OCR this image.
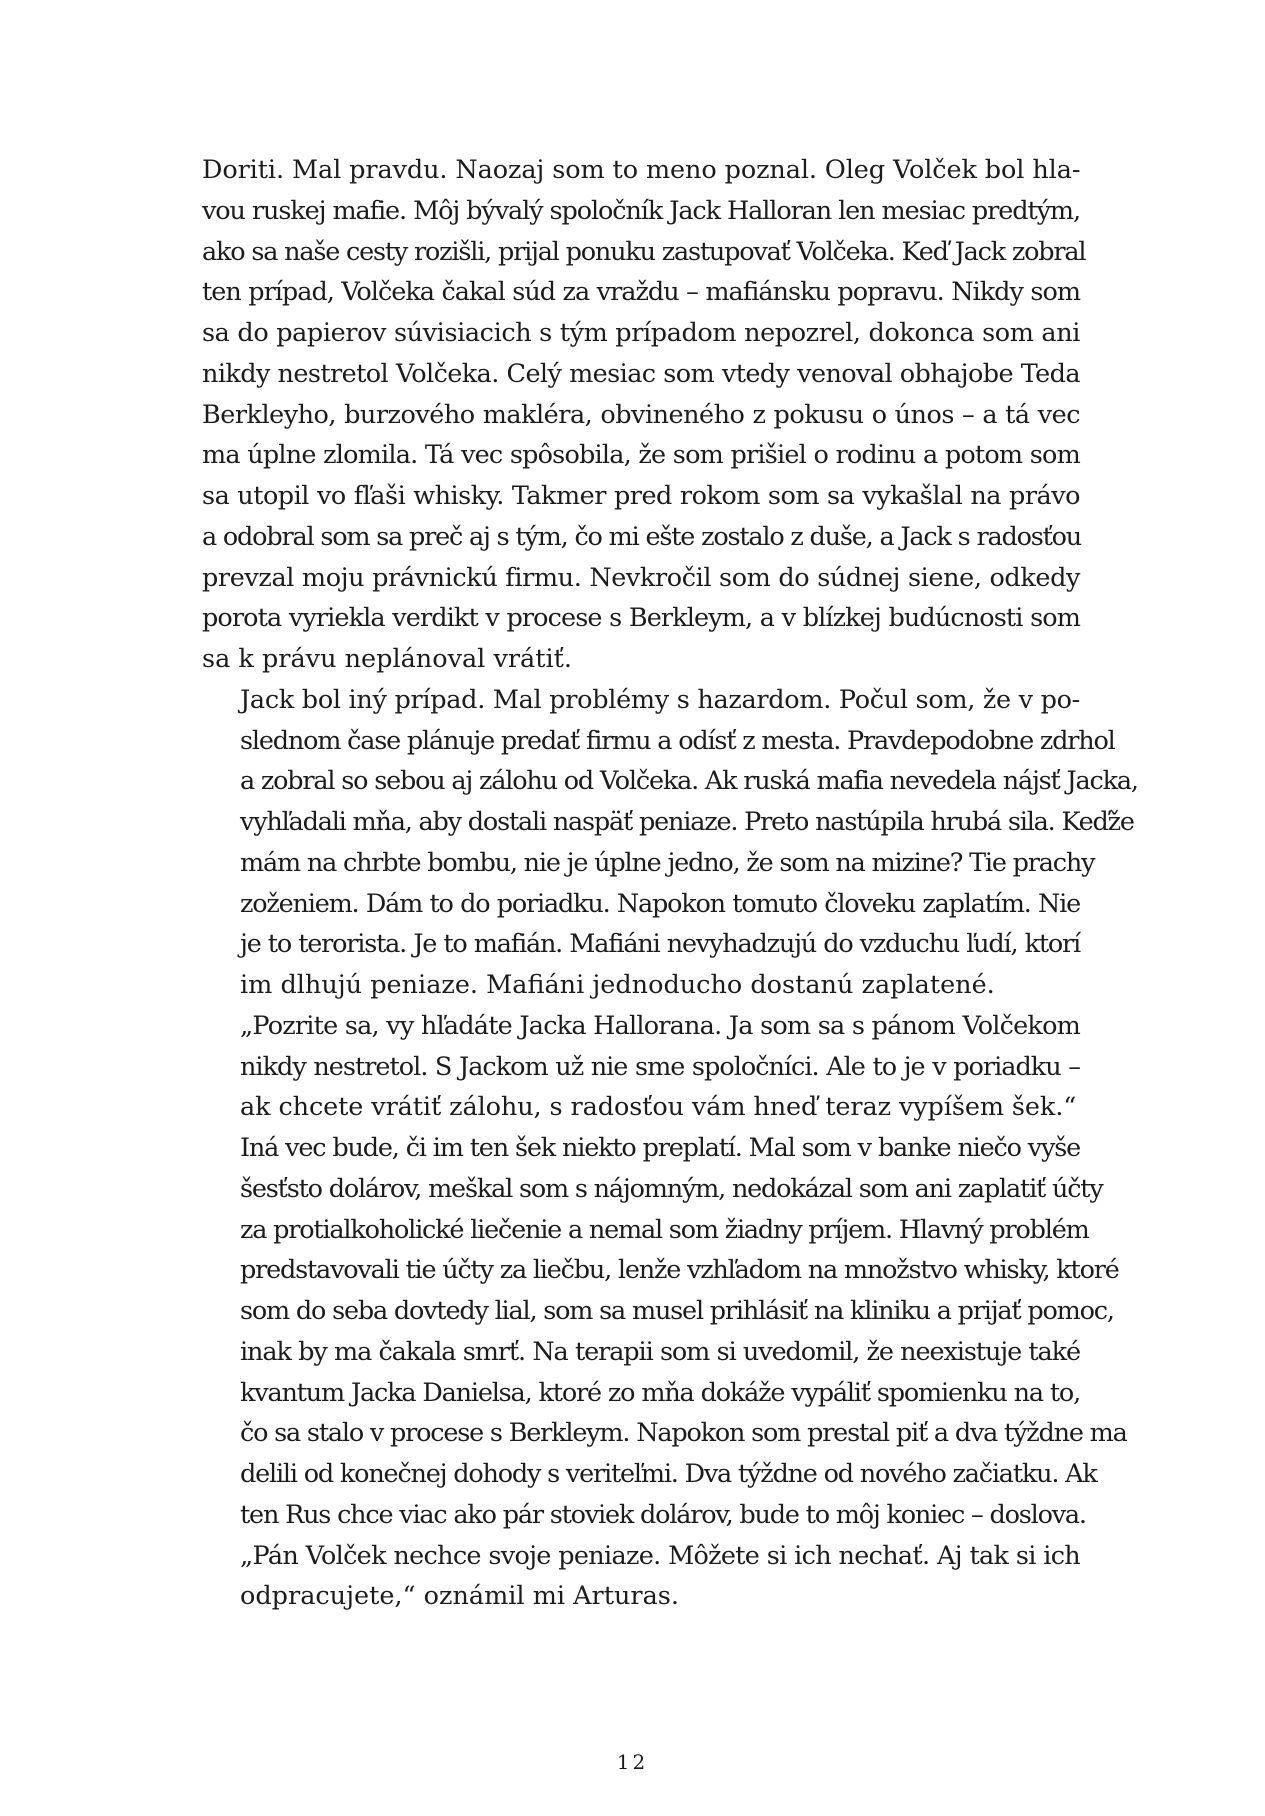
Doriti. Mal pravdu. Naozaj som to meno poznal. Oleg Volček bol hla-
vou ruskej mafie. Môj bývalý spoločník Jack Halloran len mesiac predtým,
ako sa naše cesty rozišli, prijal ponuku zastupovať Volčeka. Keď Jack zobral
ten prípad, Volčeka čakal súd za vraždu – mafiánsku popravu. Nikdy som
sa do papierov súvisiacich s tým prípadom nepozrel, dokonca som ani
nikdy nestretol Volčeka. Celý mesiac som vtedy venoval obhajobe Teda
Berkleyho, burzového makléra, obvineného z pokusu o únos – a tá vec
ma úplne zlomila. Tá vec spôsobila, že som prišiel o rodinu a potom som
sa utopil vo fľaši whisky. Takmer pred rokom som sa vykašlal na právo
a odobral som sa preč aj s tým, čo mi ešte zostalo z duše, a Jack s radosťou
prevzal moju právnickú firmu. Nevkročil som do súdnej siene, odkedy
porota vyriekla verdikt v procese s Berkleym, a v blízkej budúcnosti som
sa k právu neplánoval vrátiť.

Jack bol iný prípad. Mal problémy s hazardom. Počul som, že v po-
slednom čase plánuje predať firmu a odísť z mesta. Pravdepodobne zdrhol
a zobral so sebou aj zálohu od Volčeka. Ak ruská mafia nevedela nájsť Jacka,
vyhľadali mňa, aby dostali naspäť peniaze. Preto nastúpila hrubá sila. Keďže
mám na chrbte bombu, nie je úplne jedno, že som na mizine? Tie prachy
zoženiem. Dám to do poriadku. Napokon tomuto človeku zaplatím. Nie
je to terorista. Je to mafián. Mafiáni nevyhadzujú do vzduchu ľudí, ktorí
im dlhujú peniaze. Mafiáni jednoducho dostanú zaplatené.

„Pozrite sa, vy hľadáte Jacka Hallorana. Ja som sa s pánom Volčekom
nikdy nestretol. S Jackom už nie sme spoločníci. Ale to je v poriadku –
ak chcete vrátiť zálohu, s radosťou vám hneď teraz vypíšem šek.“

Iná vec bude, či im ten šek niekto preplatí. Mal som v banke niečo vyše
šesťsto dolárov, meškal som s nájomným, nedokázal som ani zaplatiť účty
za protialkoholické liečenie a nemal som žiadny príjem. Hlavný problém
predstavovali tie účty za liečbu, lenže vzhľadom na množstvo whisky, ktoré
som do seba dovtedy lial, som sa musel prihlásiť na kliniku a prijať pomoc,
inak by ma čakala smrť. Na terapii som si uvedomil, že neexistuje také
kvantum Jacka Danielsa, ktoré zo mňa dokáže vypáliť spomienku na to,
čo sa stalo v procese s Berkleym. Napokon som prestal piť a dva týždne ma
delili od konečnej dohody s veriteľmi. Dva týždne od nového začiatku. Ak
ten Rus chce viac ako pár stoviek dolárov, bude to môj koniec – doslova.

„Pán Volček nechce svoje peniaze. Môžete si ich nechať. Aj tak si ich
odpracujete,“ oznámil mi Arturas.

12
